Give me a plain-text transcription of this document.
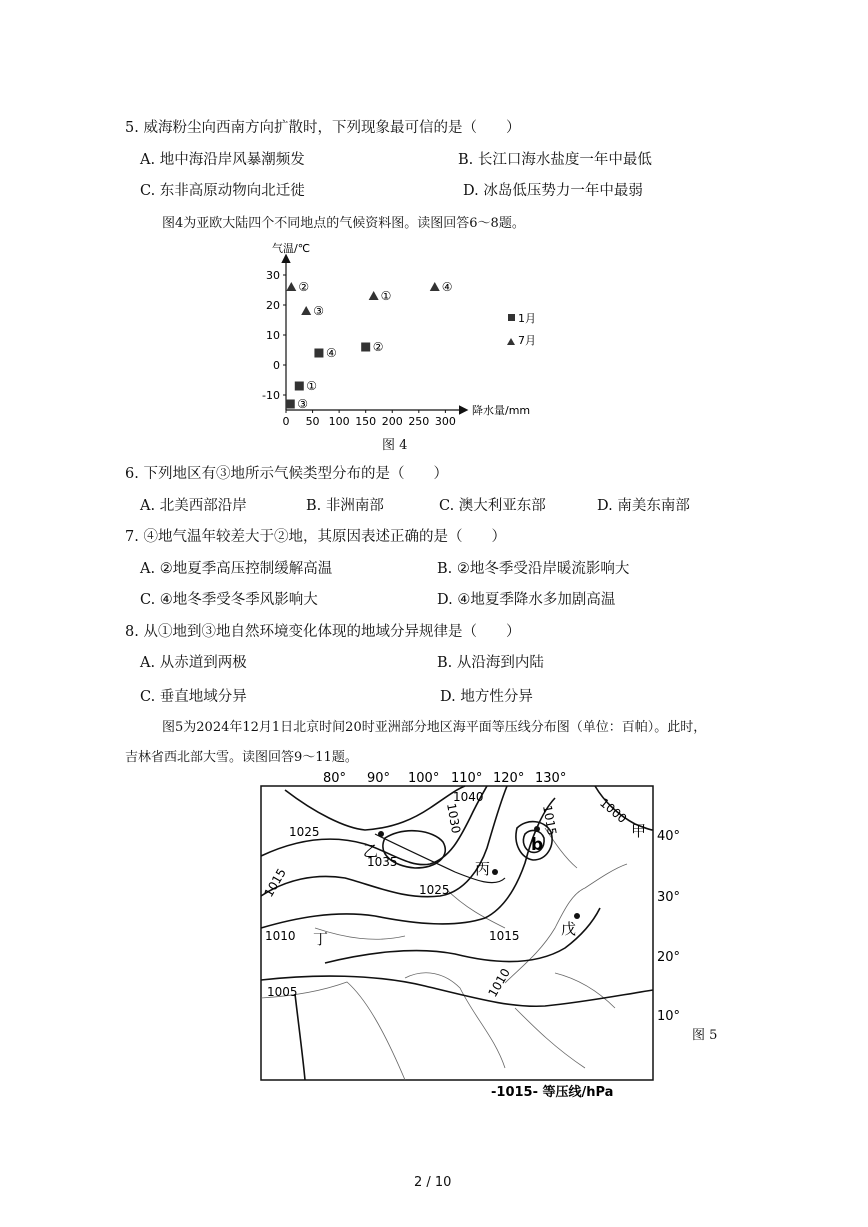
5. 威海粉尘向西南方向扩散时，下列现象最可信的是（　　）
A. 地中海沿岸风暴潮频发	B. 长江口海水盐度一年中最低
C. 东非高原动物向北迁徙	D. 冰岛低压势力一年中最弱
图4为亚欧大陆四个不同地点的气候资料图。读图回答6～8题。
气温/℃
降水量/mm
0 50 100 150 200 250 300
30
20
10
0
-10
①
②
③
④
①
②
③
④
1月
7月
图 4
6. 下列地区有③地所示气候类型分布的是（　　）
A. 北美西部沿岸	B. 非洲南部	C. 澳大利亚东部	D. 南美东南部
7. ④地气温年较差大于②地，其原因表述正确的是（　　）
A. ②地夏季高压控制缓解高温	B. ②地冬季受沿岸暖流影响大
C. ④地冬季受冬季风影响大	D. ④地夏季降水多加剧高温
8. 从①地到③地自然环境变化体现的地域分异规律是（　　）
A. 从赤道到两极	B. 从沿海到内陆
C. 垂直地域分异	D. 地方性分异
图5为2024年12月1日北京时间20时亚洲部分地区海平面等压线分布图（单位：百帕）。此时，
吉林省西北部大雪。读图回答9～11题。
80° 90° 100° 110° 120° 130°
1030
1040
1025
1035
1025
1015
1010
1015
1010
1005
1000
1015	甲
乙
丙
丁
戊
b	40°
30°
20°
10°
-1015- 等压线/hPa
图 5
2 / 10
